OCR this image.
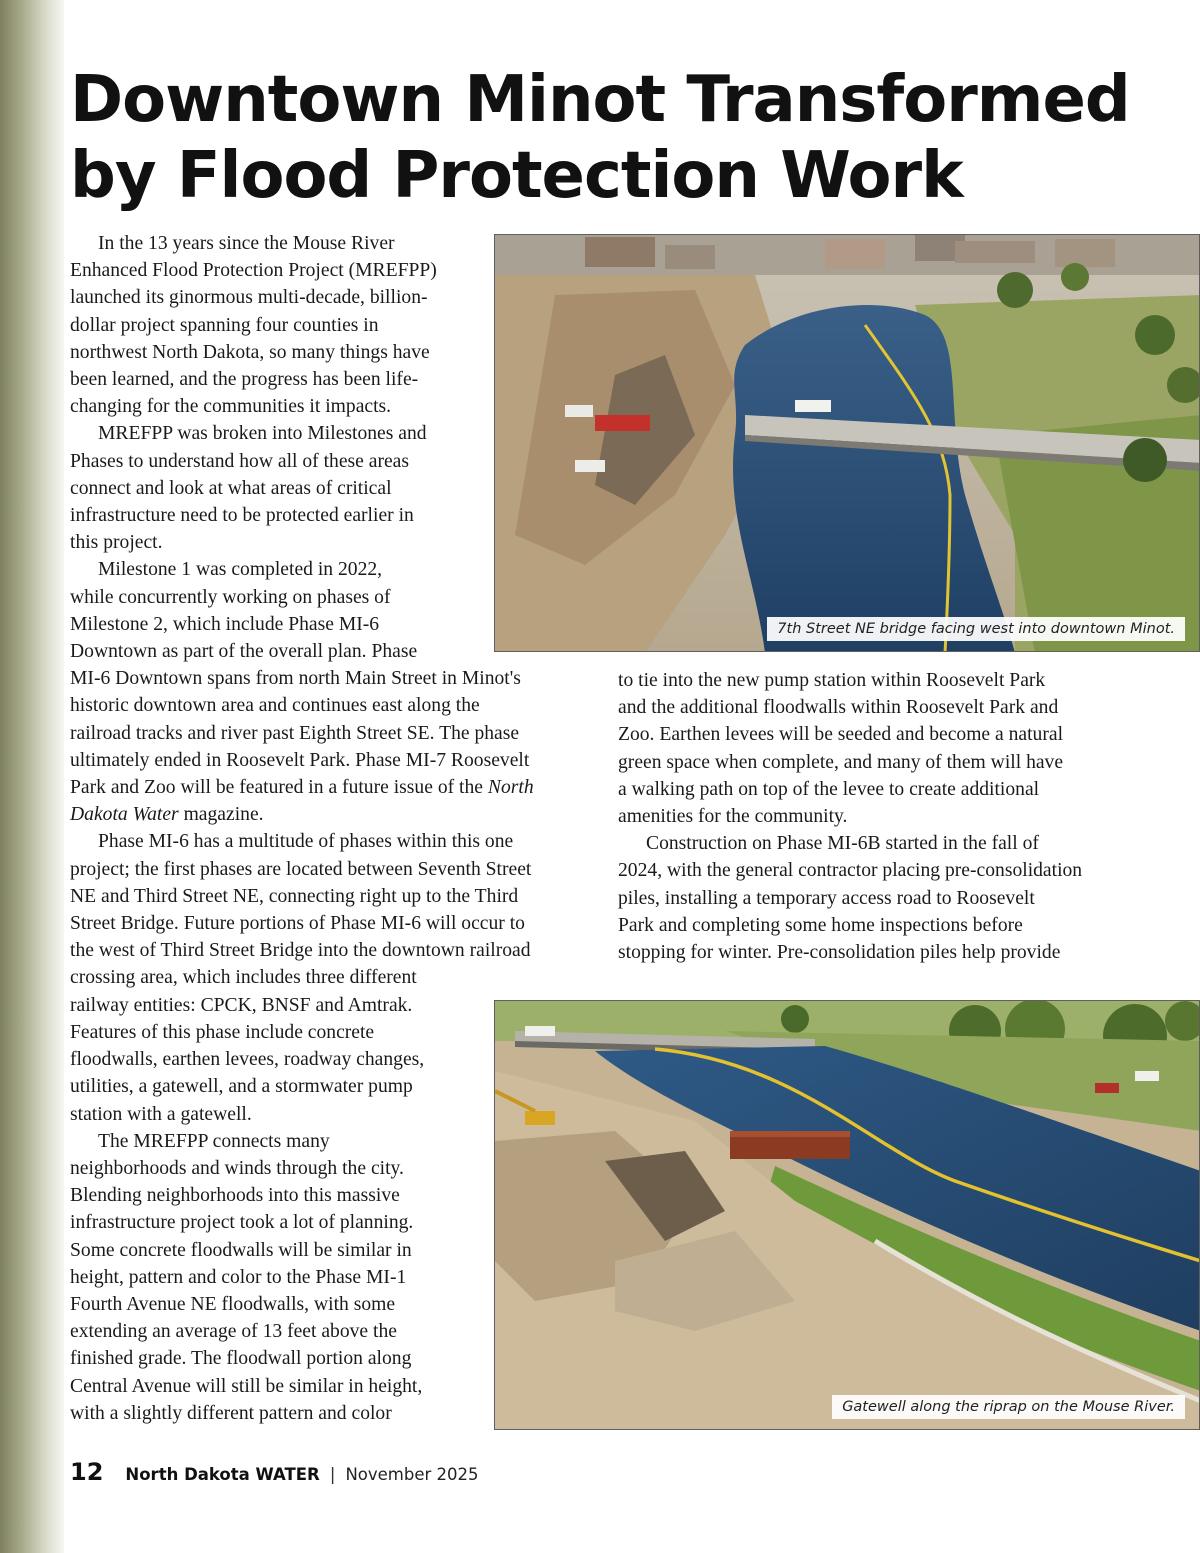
Downtown Minot Transformed
by Flood Protection Work
In the 13 years since the Mouse River
Enhanced Flood Protection Project (MREFPP)
launched its ginormous multi-decade, billion-
dollar project spanning four counties in
northwest North Dakota, so many things have
been learned, and the progress has been life-
changing for the communities it impacts.
MREFPP was broken into Milestones and
Phases to understand how all of these areas
connect and look at what areas of critical
infrastructure need to be protected earlier in
this project.
Milestone 1 was completed in 2022,
while concurrently working on phases of
Milestone 2, which include Phase MI-6
Downtown as part of the overall plan. Phase
MI-6 Downtown spans from north Main Street in Minot's
historic downtown area and continues east along the
railroad tracks and river past Eighth Street SE. The phase
ultimately ended in Roosevelt Park. Phase MI-7 Roosevelt
Park and Zoo will be featured in a future issue of the North
Dakota Water magazine.
Phase MI-6 has a multitude of phases within this one
project; the first phases are located between Seventh Street
NE and Third Street NE, connecting right up to the Third
Street Bridge. Future portions of Phase MI-6 will occur to
the west of Third Street Bridge into the downtown railroad
crossing area, which includes three different
railway entities: CPCK, BNSF and Amtrak.
Features of this phase include concrete
floodwalls, earthen levees, roadway changes,
utilities, a gatewell, and a stormwater pump
station with a gatewell.
The MREFPP connects many
neighborhoods and winds through the city.
Blending neighborhoods into this massive
infrastructure project took a lot of planning.
Some concrete floodwalls will be similar in
height, pattern and color to the Phase MI-1
Fourth Avenue NE floodwalls, with some
extending an average of 13 feet above the
finished grade. The floodwall portion along
Central Avenue will still be similar in height,
with a slightly different pattern and color
to tie into the new pump station within Roosevelt Park
and the additional floodwalls within Roosevelt Park and
Zoo. Earthen levees will be seeded and become a natural
green space when complete, and many of them will have
a walking path on top of the levee to create additional
amenities for the community.
Construction on Phase MI-6B started in the fall of
2024, with the general contractor placing pre-consolidation
piles, installing a temporary access road to Roosevelt
Park and completing some home inspections before
stopping for winter. Pre-consolidation piles help provide
7th Street NE bridge facing west into downtown Minot.
Gatewell along the riprap on the Mouse River.
12 North Dakota WATER | November 2025
